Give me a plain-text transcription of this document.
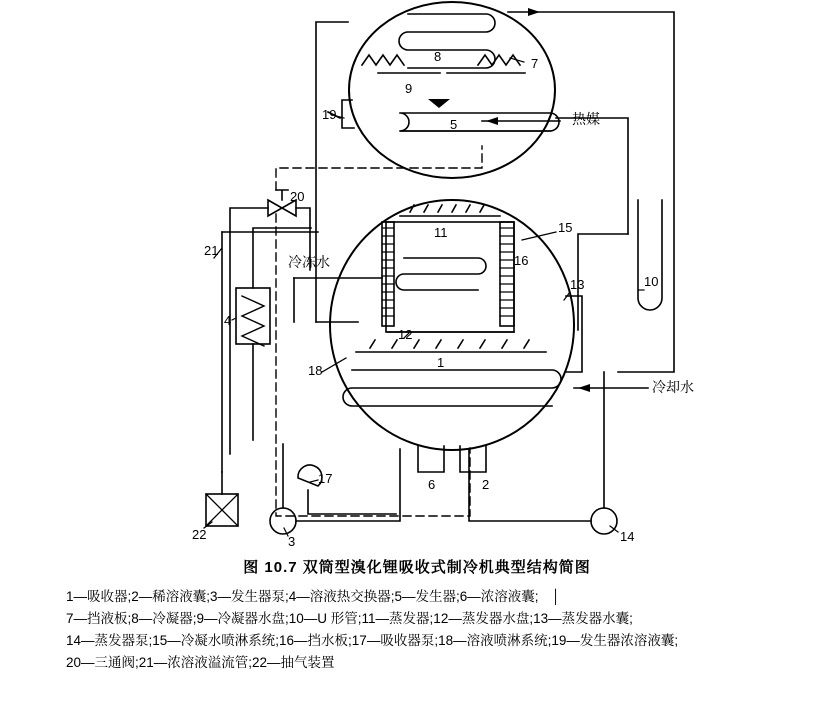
8	7
9
5
19	热媒
20
21
11	15
16
13	10
冷冻水
4
12
1
18
冷却水
17	6	2
22	3	14
图 10.7 双筒型溴化锂吸收式制冷机典型结构简图
1—吸收器;2—稀溶液囊;3—发生器泵;4—溶液热交换器;5—发生器;6—浓溶液囊;　│
7—挡液板;8—冷凝器;9—冷凝器水盘;10—U 形管;11—蒸发器;12—蒸发器水盘;13—蒸发器水囊;
14—蒸发器泵;15—冷凝水喷淋系统;16—挡水板;17—吸收器泵;18—溶液喷淋系统;19—发生器浓溶液囊;
20—三通阀;21—浓溶液溢流管;22—抽气装置
